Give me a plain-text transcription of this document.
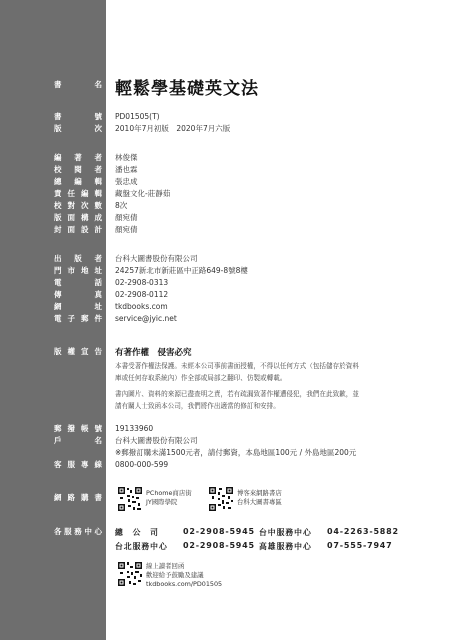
書名
書號
版次
編著者
校閱者
總編輯
責任編輯
校對次數
版面構成
封面設計
出版者
門市地址
電話
傳真
網址
電子郵件
版權宣告
郵撥帳號
戶名
客服專線
網路購書
各服務中心
輕鬆學基礎英文法
PD01505(T)
2010年7月初版　2020年7月六版
林俊傑
潘也霖
張忠成
藏盤文化-莊靜茹
8次
顏宛倩
顏宛倩
台科大圖書股份有限公司
24257新北市新莊區中正路649-8號8樓
02-2908-0313
02-2908-0112
tkdbooks.com
service@jyic.net
有著作權　侵害必究
本書受著作權法保護。未經本公司事前書面授權，不得以任何方式（包括儲存於資料
庫或任何存取系統內）作全部或局部之翻印、仿製或轉載。
書內圖片、資料的來源已盡查明之責，若有疏漏致著作權遭侵犯，我們在此致歉，並
請有關人士致函本公司，我們將作出適當的修訂和安排。
19133960
台科大圖書股份有限公司
※郵撥訂購未滿1500元者，請付郵資，本島地區100元 / 外島地區200元
0800-000-599
PChome商店街
JY國際學院
博客來網路書店
台科大圖書專區
總　公　司	02-2908-5945 台中服務中心 04-2263-5882
台北服務中心 02-2908-5945 高雄服務中心 07-555-7947
線上讀者回函
歡迎給予鼓勵及建議
tkdbooks.com/PD01505
